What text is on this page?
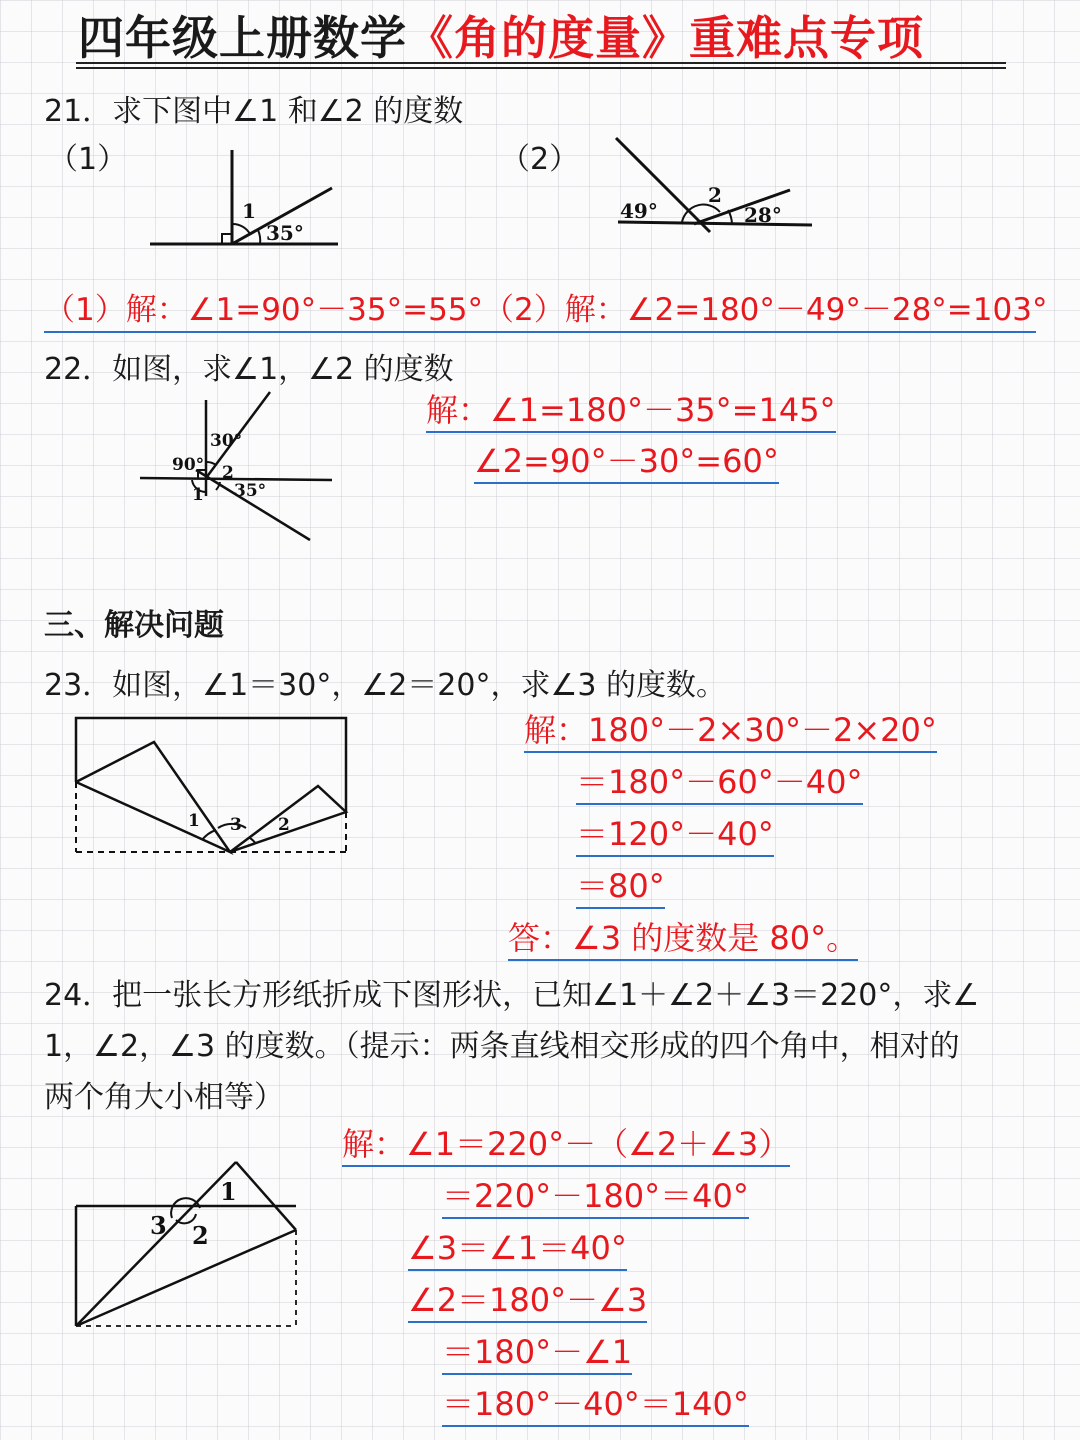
四年级上册数学《角的度量》重难点专项
21．求下图中∠1 和∠2 的度数
（1）	（2）
1
35°
49°
2
28°
（1）解：∠1=90°－35°=55°（2）解：∠2=180°－49°－28°=103°
22．如图，求∠1，∠2 的度数
30°
90° 2
1 35°
解：∠1=180°－35°=145°
∠2=90°－30°=60°
三、解决问题
23．如图，∠1＝30°，∠2＝20°，求∠3 的度数。
1 3 2
解：180°－2×30°－2×20°
＝180°－60°－40°
＝120°－40°
＝80°
答：∠3 的度数是 80°。
24．把一张长方形纸折成下图形状，已知∠1＋∠2＋∠3＝220°，求∠
1，∠2，∠3 的度数。（提示：两条直线相交形成的四个角中，相对的
两个角大小相等）
1
2
3
解：∠1＝220°－（∠2＋∠3）
＝220°－180°＝40°
∠3＝∠1＝40°
∠2＝180°－∠3
＝180°－∠1
＝180°－40°＝140°
